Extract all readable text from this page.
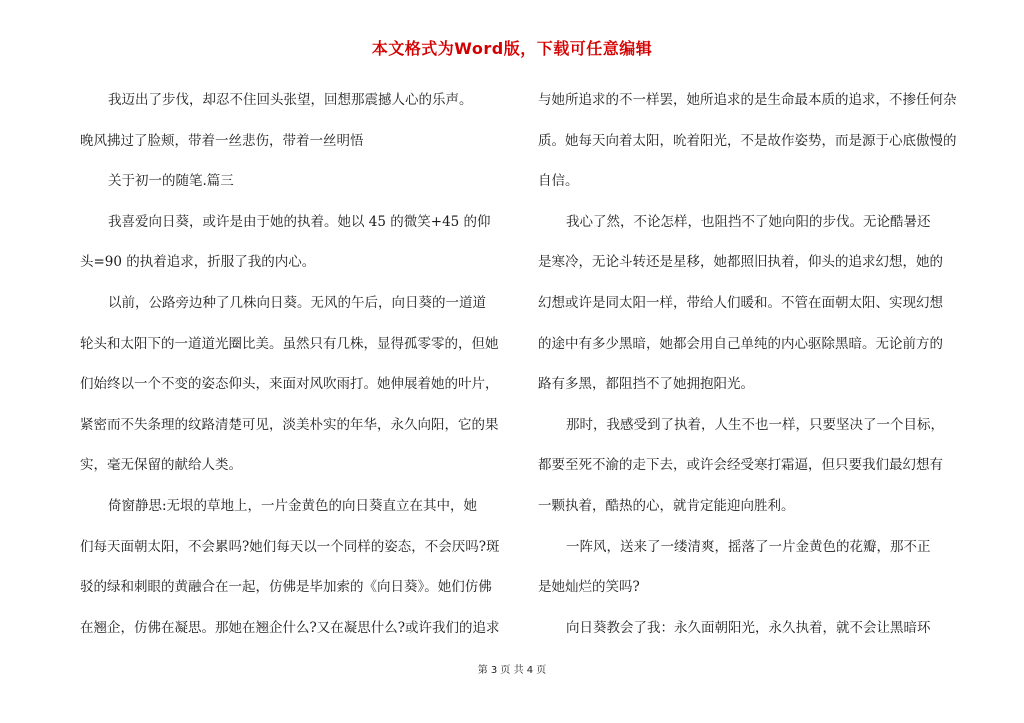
本文格式为Word版，下载可任意编辑
我迈出了步伐，却忍不住回头张望，回想那震撼人心的乐声。
晚风拂过了脸颊，带着一丝悲伤，带着一丝明悟
关于初一的随笔.篇三
我喜爱向日葵，或许是由于她的执着。她以 45 的微笑+45 的仰
头=90 的执着追求，折服了我的内心。
以前，公路旁边种了几株向日葵。无风的午后，向日葵的一道道
轮头和太阳下的一道道光圈比美。虽然只有几株，显得孤零零的，但她
们始终以一个不变的姿态仰头，来面对风吹雨打。她伸展着她的叶片，
紧密而不失条理的纹路清楚可见，淡美朴实的年华，永久向阳，它的果
实，毫无保留的献给人类。
倚窗静思:无垠的草地上，一片金黄色的向日葵直立在其中，她
们每天面朝太阳，不会累吗?她们每天以一个同样的姿态，不会厌吗?斑
驳的绿和刺眼的黄融合在一起，仿佛是毕加索的《向日葵》。她们仿佛
在翘企，仿佛在凝思。那她在翘企什么?又在凝思什么?或许我们的追求
与她所追求的不一样罢，她所追求的是生命最本质的追求，不掺任何杂
质。她每天向着太阳，吮着阳光，不是故作姿势，而是源于心底傲慢的
自信。
我心了然，不论怎样，也阻挡不了她向阳的步伐。无论酷暑还
是寒冷，无论斗转还是星移，她都照旧执着，仰头的追求幻想，她的
幻想或许是同太阳一样，带给人们暖和。不管在面朝太阳、实现幻想
的途中有多少黑暗，她都会用自己单纯的内心驱除黑暗。无论前方的
路有多黑，都阻挡不了她拥抱阳光。
那时，我感受到了执着，人生不也一样，只要坚决了一个目标，
都要至死不渝的走下去，或许会经受寒打霜逼，但只要我们最幻想有
一颗执着，酷热的心，就肯定能迎向胜利。
一阵风，送来了一缕清爽，摇落了一片金黄色的花瓣，那不正
是她灿烂的笑吗?
向日葵教会了我：永久面朝阳光，永久执着，就不会让黑暗环
第 3 页 共 4 页
